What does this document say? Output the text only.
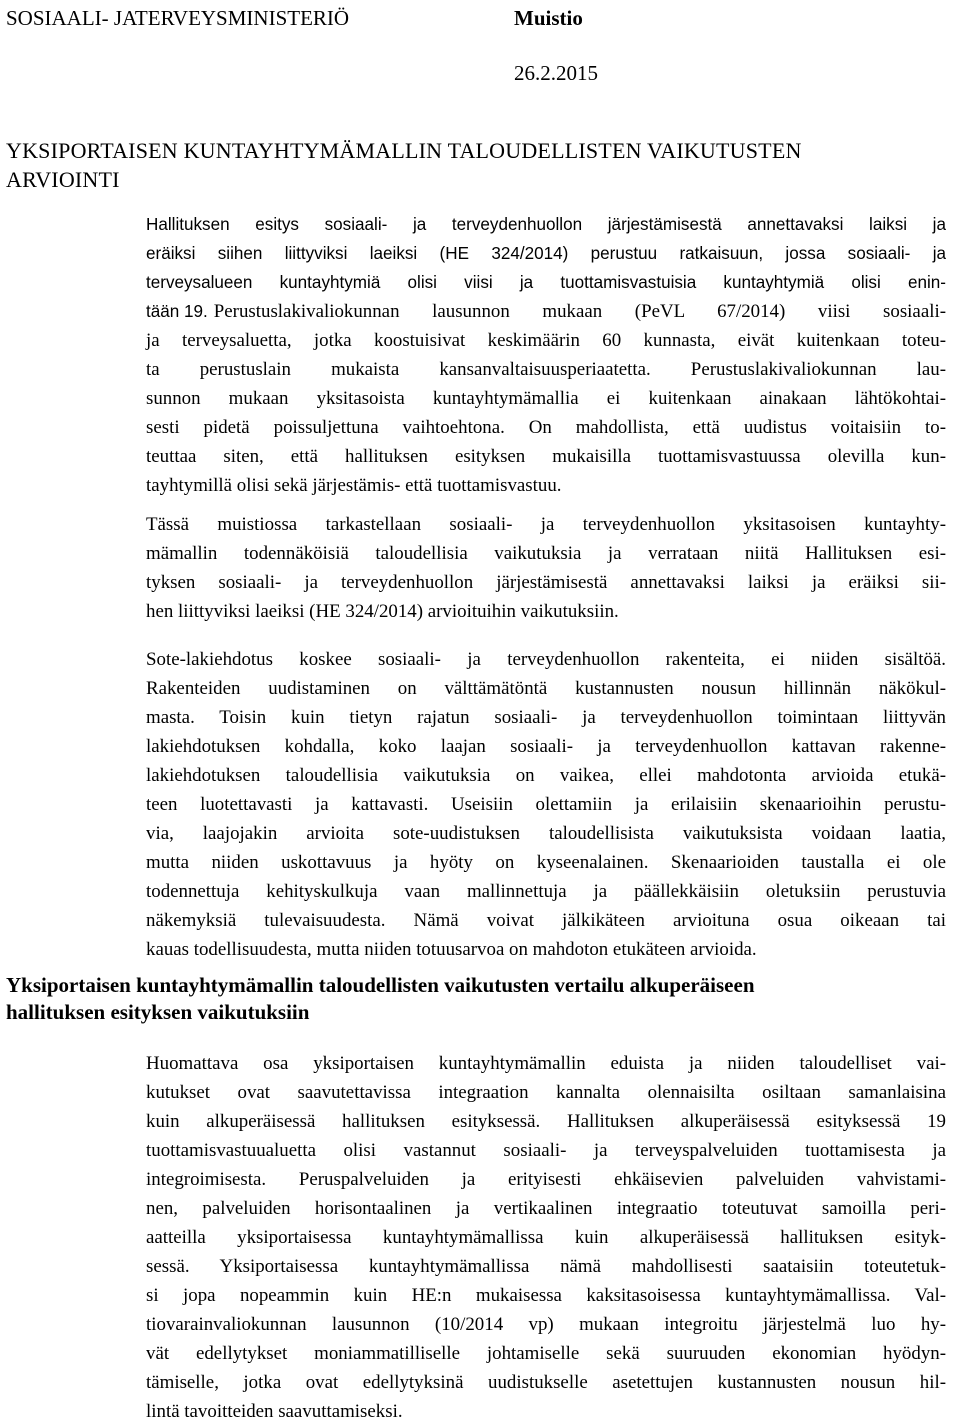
SOSIAALI- JATERVEYSMINISTERIÖ	Muistio
26.2.2015
YKSIPORTAISEN KUNTAYHTYMÄMALLIN TALOUDELLISTEN VAIKUTUSTEN
ARVIOINTI
Hallituksen esitys sosiaali- ja terveydenhuollon järjestämisestä annettavaksi laiksi ja
eräiksi siihen liittyviksi laeiksi (HE 324/2014) perustuu ratkaisuun, jossa sosiaali- ja
terveysalueen kuntayhtymiä olisi viisi ja tuottamisvastuisia kuntayhtymiä olisi enin-
tään 19. Perustuslakivaliokunnan lausunnon mukaan (PeVL 67/2014) viisi sosiaali-
ja terveysaluetta, jotka koostuisivat keskimäärin 60 kunnasta, eivät kuitenkaan toteu-
ta perustuslain mukaista kansanvaltaisuusperiaatetta. Perustuslakivaliokunnan lau-
sunnon mukaan yksitasoista kuntayhtymämallia ei kuitenkaan ainakaan lähtökohtai-
sesti pidetä poissuljettuna vaihtoehtona. On mahdollista, että uudistus voitaisiin to-
teuttaa siten, että hallituksen esityksen mukaisilla tuottamisvastuussa olevilla kun-
tayhtymillä olisi sekä järjestämis- että tuottamisvastuu.
Tässä muistiossa tarkastellaan sosiaali- ja terveydenhuollon yksitasoisen kuntayhty-
mämallin todennäköisiä taloudellisia vaikutuksia ja verrataan niitä Hallituksen esi-
tyksen sosiaali- ja terveydenhuollon järjestämisestä annettavaksi laiksi ja eräiksi sii-
hen liittyviksi laeiksi (HE 324/2014) arvioituihin vaikutuksiin.
Sote-lakiehdotus koskee sosiaali- ja terveydenhuollon rakenteita, ei niiden sisältöä.
Rakenteiden uudistaminen on välttämätöntä kustannusten nousun hillinnän näkökul-
masta. Toisin kuin tietyn rajatun sosiaali- ja terveydenhuollon toimintaan liittyvän
lakiehdotuksen kohdalla, koko laajan sosiaali- ja terveydenhuollon kattavan rakenne-
lakiehdotuksen taloudellisia vaikutuksia on vaikea, ellei mahdotonta arvioida etukä-
teen luotettavasti ja kattavasti. Useisiin olettamiin ja erilaisiin skenaarioihin perustu-
via, laajojakin arvioita sote-uudistuksen taloudellisista vaikutuksista voidaan laatia,
mutta niiden uskottavuus ja hyöty on kyseenalainen. Skenaarioiden taustalla ei ole
todennettuja kehityskulkuja vaan mallinnettuja ja päällekkäisiin oletuksiin perustuvia
näkemyksiä tulevaisuudesta. Nämä voivat jälkikäteen arvioituna osua oikeaan tai
kauas todellisuudesta, mutta niiden totuusarvoa on mahdoton etukäteen arvioida.
Yksiportaisen kuntayhtymämallin taloudellisten vaikutusten vertailu alkuperäiseen
hallituksen esityksen vaikutuksiin
Huomattava osa yksiportaisen kuntayhtymämallin eduista ja niiden taloudelliset vai-
kutukset ovat saavutettavissa integraation kannalta olennaisilta osiltaan samanlaisina
kuin alkuperäisessä hallituksen esityksessä. Hallituksen alkuperäisessä esityksessä 19
tuottamisvastuualuetta olisi vastannut sosiaali- ja terveyspalveluiden tuottamisesta ja
integroimisesta. Peruspalveluiden ja erityisesti ehkäisevien palveluiden vahvistami-
nen, palveluiden horisontaalinen ja vertikaalinen integraatio toteutuvat samoilla peri-
aatteilla yksiportaisessa kuntayhtymämallissa kuin alkuperäisessä hallituksen esityk-
sessä. Yksiportaisessa kuntayhtymämallissa nämä mahdollisesti saataisiin toteutetuk-
si jopa nopeammin kuin HE:n mukaisessa kaksitasoisessa kuntayhtymämallissa. Val-
tiovarainvaliokunnan lausunnon (10/2014 vp) mukaan integroitu järjestelmä luo hy-
vät edellytykset moniammatilliselle johtamiselle sekä suuruuden ekonomian hyödyn-
tämiselle, jotka ovat edellytyksinä uudistukselle asetettujen kustannusten nousun hil-
lintä tavoitteiden saavuttamiseksi.
